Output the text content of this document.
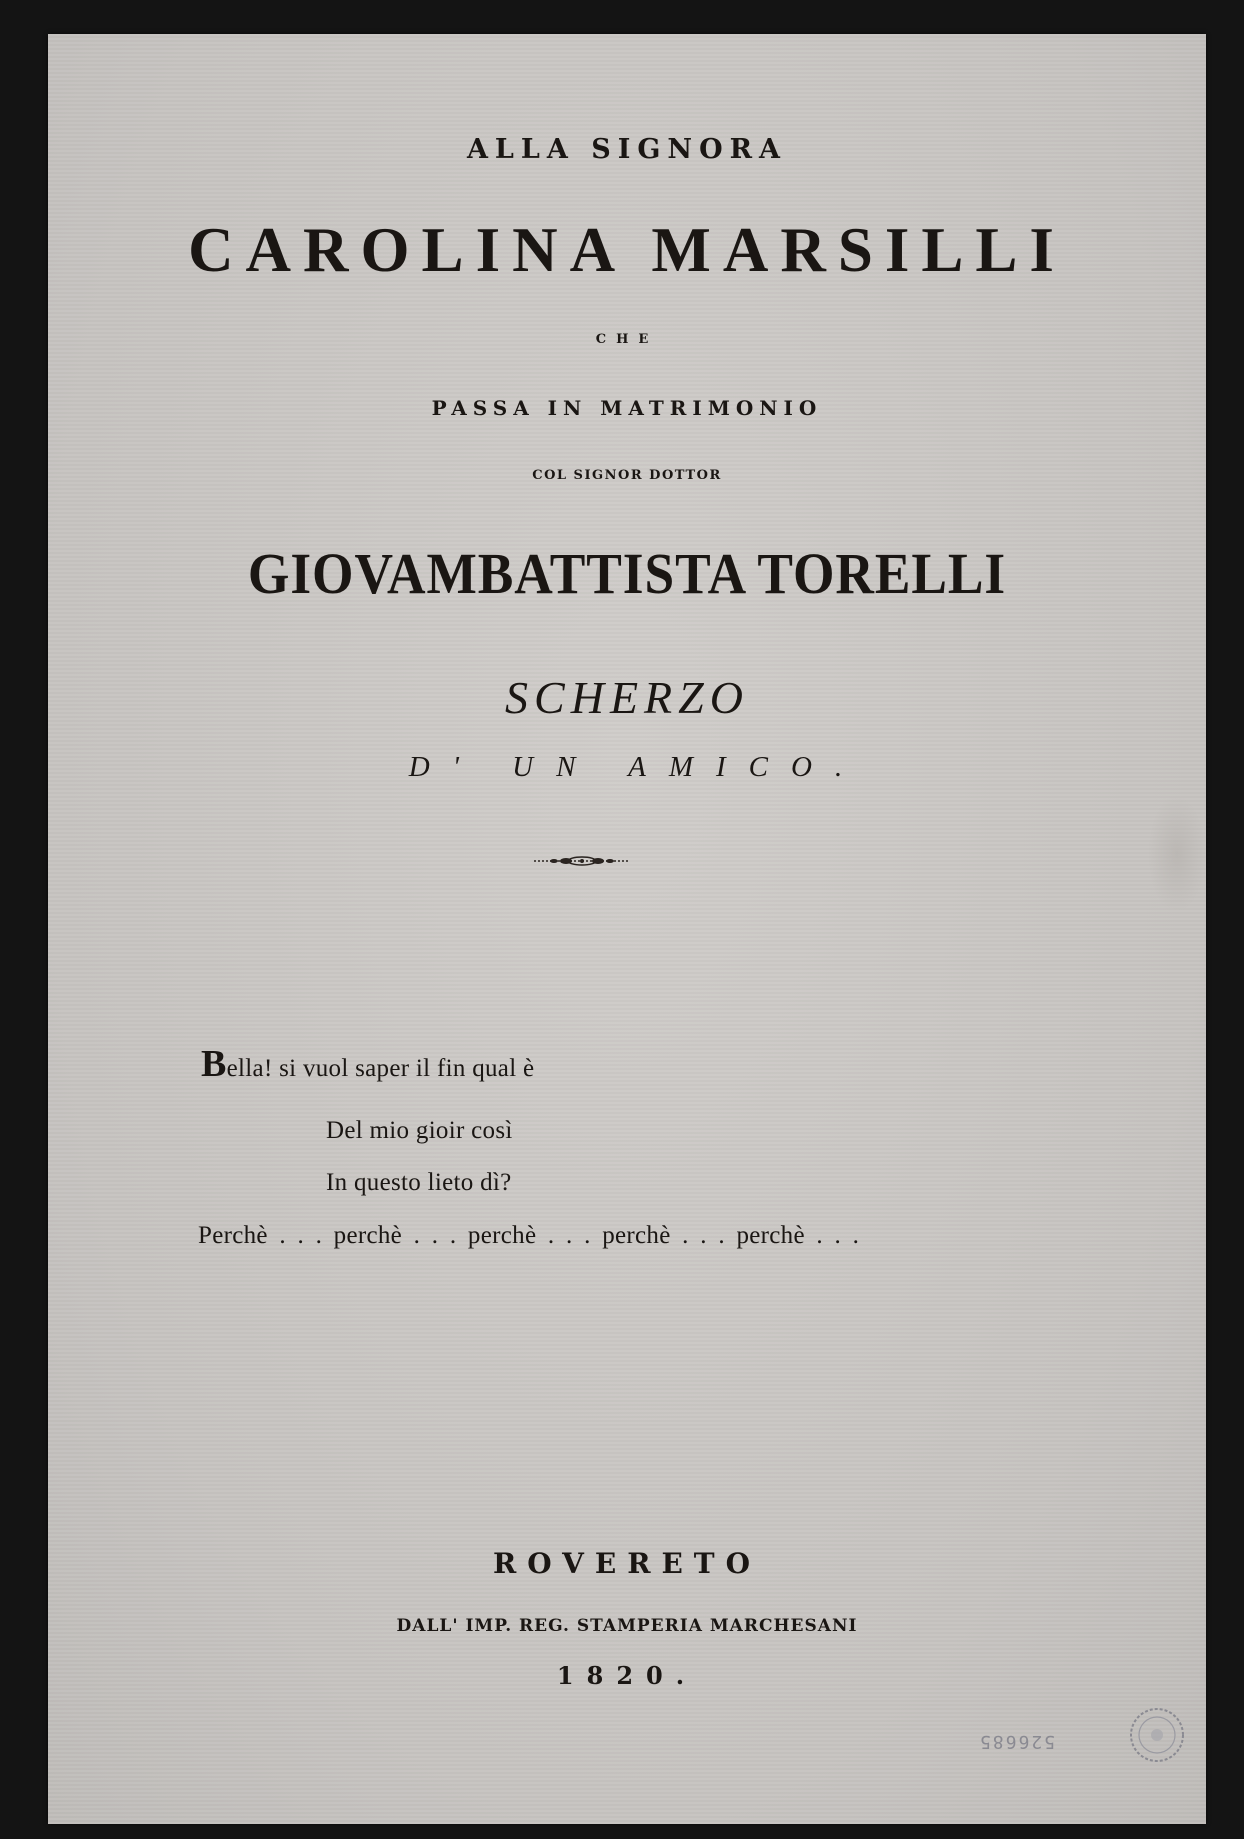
ALLA SIGNORA
CAROLINA MARSILLI
CHE
PASSA IN MATRIMONIO
COL SIGNOR DOTTOR
GIOVAMBATTISTA TORELLI
SCHERZO
D' UN AMICO.
Bella! si vuol saper il fin qual è
Del mio gioir così
In questo lieto dì?
Perchè . . . perchè . . . perchè . . . perchè . . . perchè . . .
ROVERETO
DALL' IMP. REG. STAMPERIA MARCHESANI
1820.
526685
